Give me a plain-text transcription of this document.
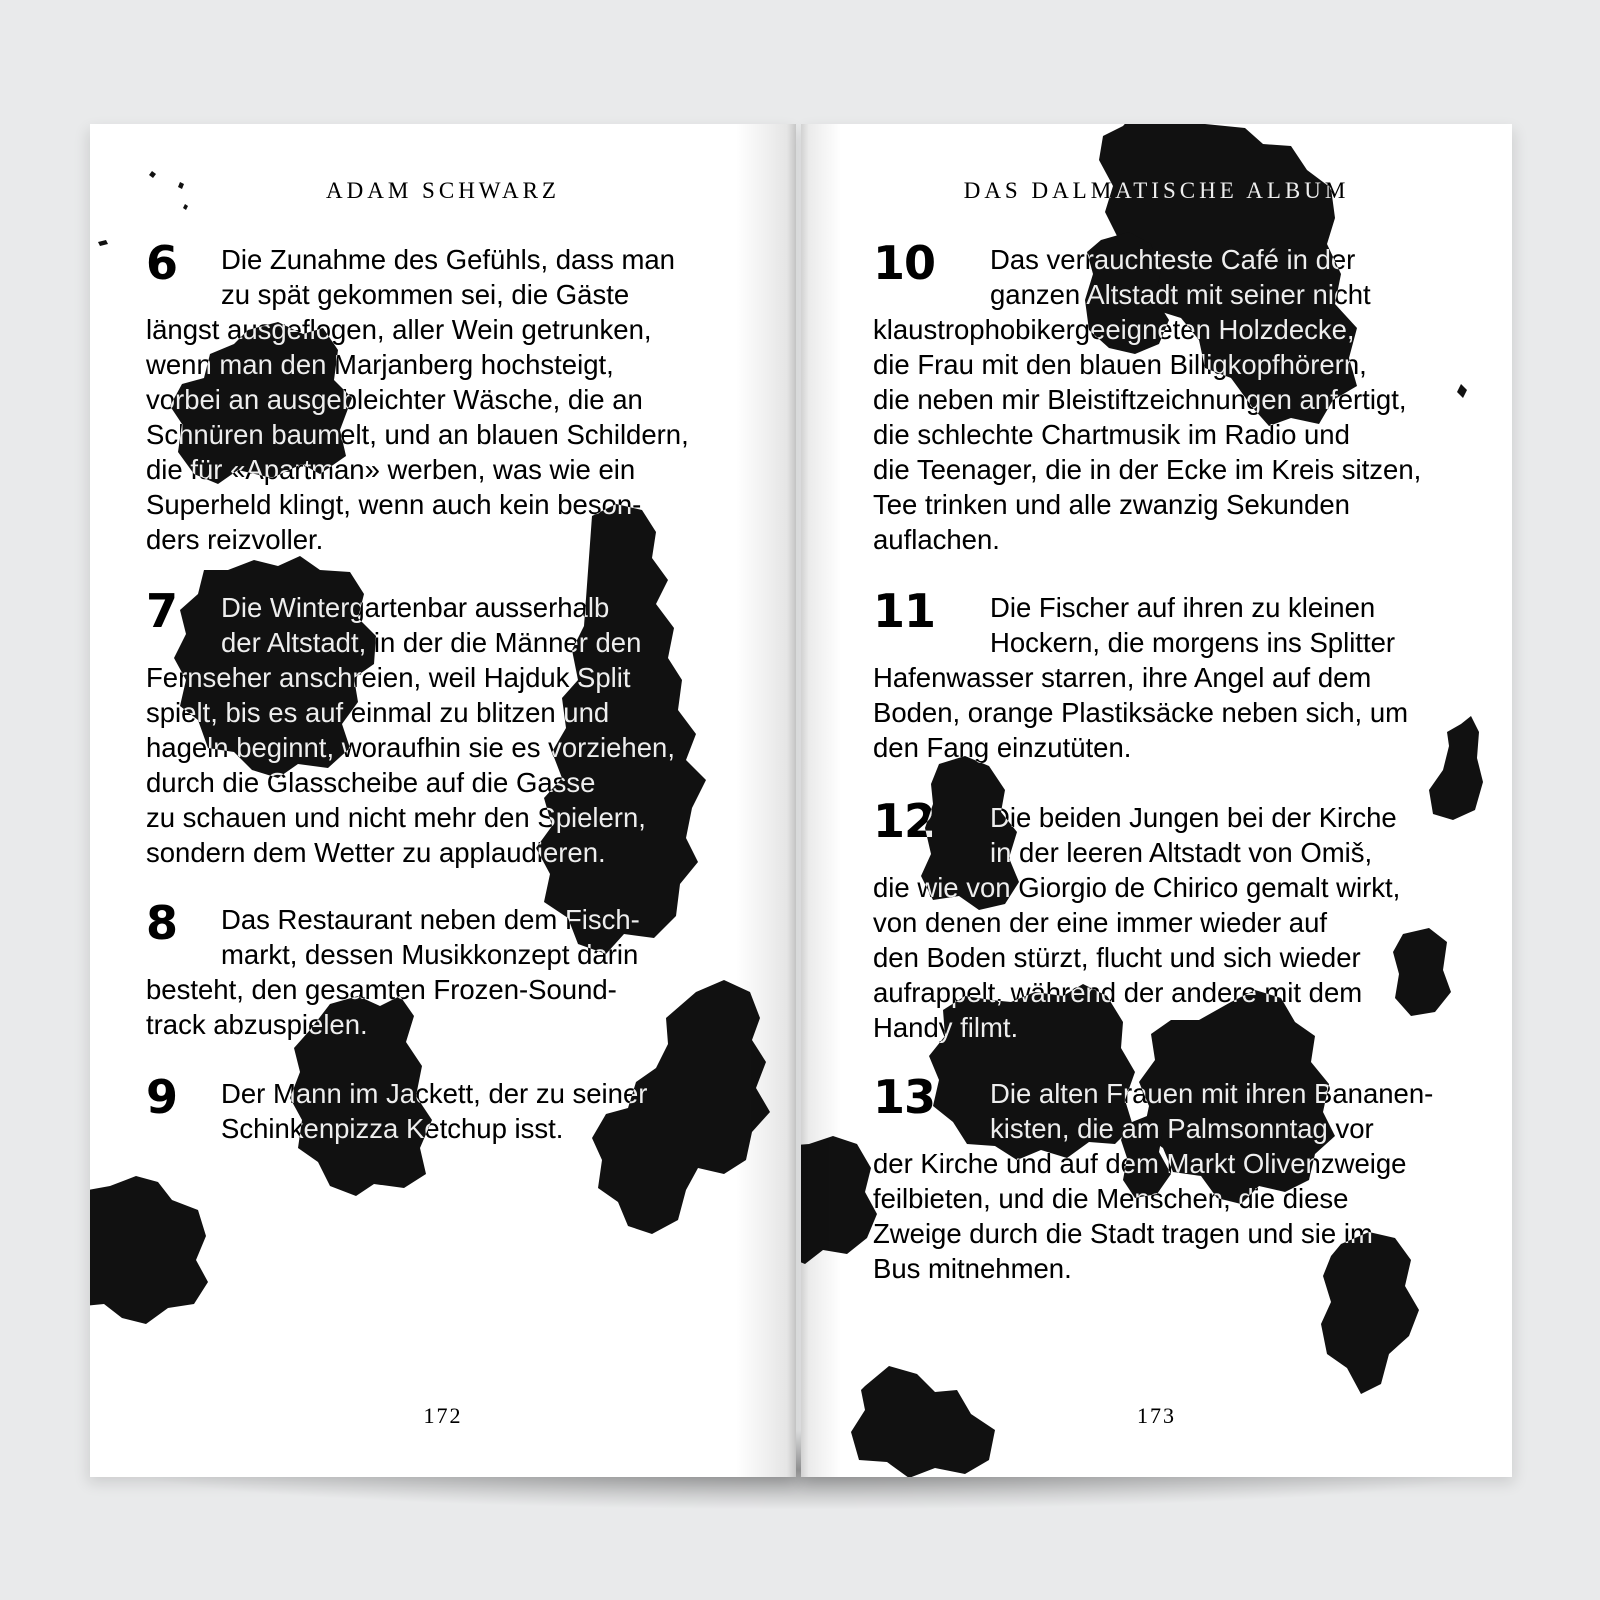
ADAM SCHWARZ
6	Die Zunahme des Gefühls, dass man
zu spät gekommen sei, die Gäste
längst ausgeflogen, aller Wein getrunken,
wenn man den Marjanberg hochsteigt,
vorbei an ausgebleichter Wäsche, die an
Schnüren baumelt, und an blauen Schildern,
die für «Apartman» werben, was wie ein
Superheld klingt, wenn auch kein beson-
ders reizvoller.
7	Die Wintergartenbar ausserhalb
der Altstadt, in der die Männer den
Fernseher anschreien, weil Hajduk Split
spielt, bis es auf einmal zu blitzen und
hageln beginnt, woraufhin sie es vorziehen,
durch die Glasscheibe auf die Gasse
zu schauen und nicht mehr den Spielern,
sondern dem Wetter zu applaudieren.
8	Das Restaurant neben dem Fisch-
markt, dessen Musikkonzept darin
besteht, den gesamten Frozen-Sound-
track abzuspielen.
9	Der Mann im Jackett, der zu seiner
Schinkenpizza Ketchup isst.
172
DAS DALMATISCHE ALBUM
10	Das verrauchteste Café in der
ganzen Altstadt mit seiner nicht
klaustrophobikergeeigneten Holzdecke,
die Frau mit den blauen Billigkopfhörern,
die neben mir Bleistiftzeichnungen anfertigt,
die schlechte Chartmusik im Radio und
die Teenager, die in der Ecke im Kreis sitzen,
Tee trinken und alle zwanzig Sekunden
auflachen.
11	Die Fischer auf ihren zu kleinen
Hockern, die morgens ins Splitter
Hafenwasser starren, ihre Angel auf dem
Boden, orange Plastiksäcke neben sich, um
den Fang einzutüten.
12	Die beiden Jungen bei der Kirche
in der leeren Altstadt von Omiš,
die wie von Giorgio de Chirico gemalt wirkt,
von denen der eine immer wieder auf
den Boden stürzt, flucht und sich wieder
aufrappelt, während der andere mit dem
Handy filmt.
13	Die alten Frauen mit ihren Bananen-
kisten, die am Palmsonntag vor
der Kirche und auf dem Markt Olivenzweige
feilbieten, und die Menschen, die diese
Zweige durch die Stadt tragen und sie im
Bus mitnehmen.
173
